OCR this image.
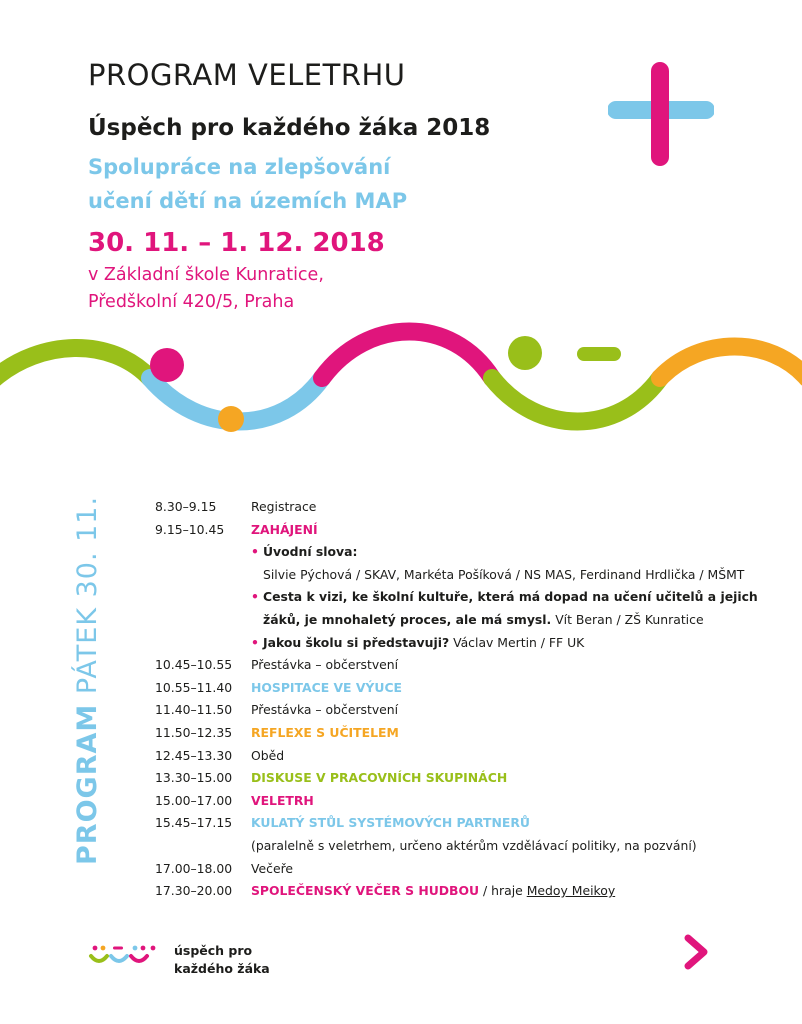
PROGRAM VELETRHU
Úspěch pro každého žáka 2018
Spolupráce na zlepšování
učení dětí na územích MAP
30. 11. – 1. 12. 2018
v Základní škole Kunratice,
Předškolní 420/5, Praha
PROGRAM PÁTEK 30. 11.	8.30–9.15	Registrace
9.15–10.45	ZAHÁJENÍ
• Úvodní slova:
Silvie Pýchová / SKAV, Markéta Pošíková / NS MAS, Ferdinand Hrdlička / MŠMT
• Cesta k vizi, ke školní kultuře, která má dopad na učení učitelů a jejich
žáků, je mnohaletý proces, ale má smysl. Vít Beran / ZŠ Kunratice
• Jakou školu si představuji? Václav Mertin / FF UK
10.45–10.55	Přestávka – občerstvení
10.55–11.40	HOSPITACE VE VÝUCE
11.40–11.50	Přestávka – občerstvení
11.50–12.35	REFLEXE S UČITELEM
12.45–13.30	Oběd
13.30–15.00	DISKUSE V PRACOVNÍCH SKUPINÁCH
15.00–17.00	VELETRH
15.45–17.15	KULATÝ STŮL SYSTÉMOVÝCH PARTNERŮ
(paralelně s veletrhem, určeno aktérům vzdělávací politiky, na pozvání)
17.00–18.00	Večeře
17.30–20.00	SPOLEČENSKÝ VEČER S HUDBOU / hraje Medoy Meikoy
úspěch pro
každého žáka
